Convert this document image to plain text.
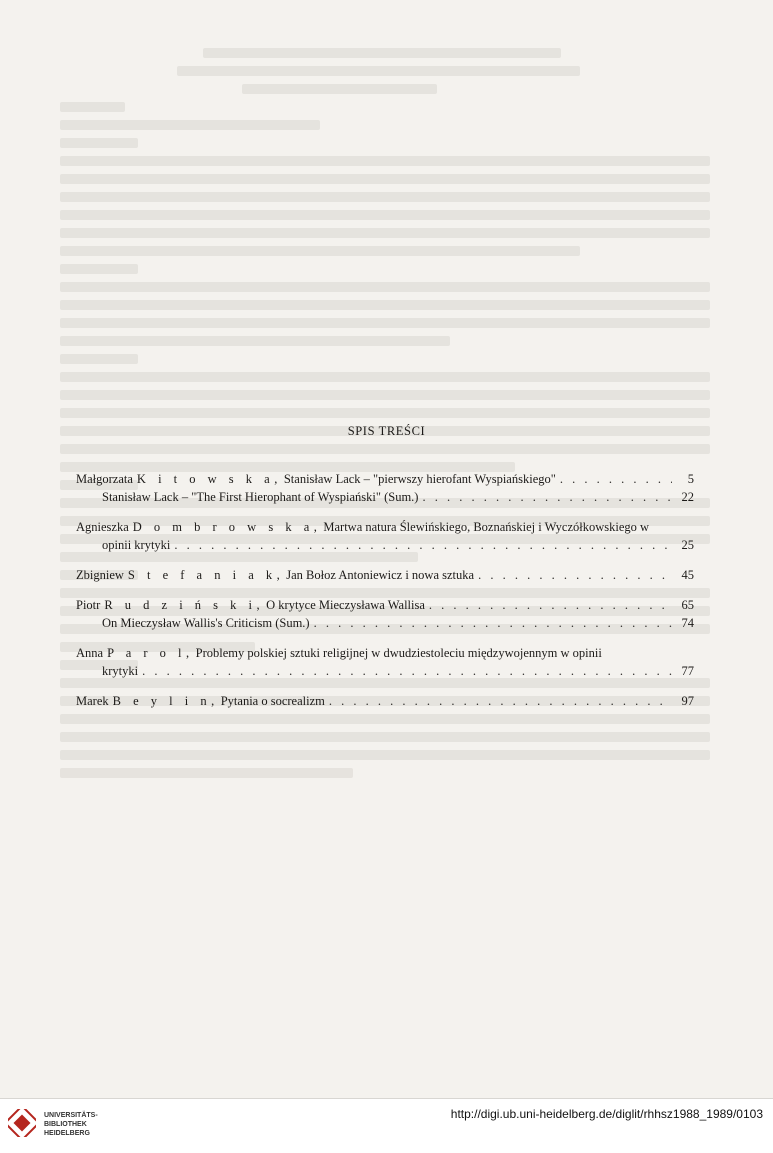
SPIS TREŚCI
Małgorzata K i t o w s k a, Stanisław Lack – "pierwszy hierofant Wyspiańskiego" . . .	5
Stanisław Lack – "The First Hierophant of Wyspiański" (Sum.) . . .	22
Agnieszka D o m b r o w s k a, Martwa natura Ślewińskiego, Boznańskiej i Wyczółkowskiego w
opinii krytyki . . .	25
Zbigniew S t e f a n i a k, Jan Bołoz Antoniewicz i nowa sztuka . . .	45
Piotr R u d z i ń s k i, O krytyce Mieczysława Wallisa . . .	65
On Mieczysław Wallis's Criticism (Sum.) . . .	74
Anna P a r o l, Problemy polskiej sztuki religijnej w dwudziestoleciu międzywojennym w opinii
krytyki . . .	77
Marek B e y l i n, Pytania o socrealizm . . .	97
UNIVERSITÄTS-
BIBLIOTHEK
HEIDELBERG
http://digi.ub.uni-heidelberg.de/diglit/rhhsz1988_1989/0103
